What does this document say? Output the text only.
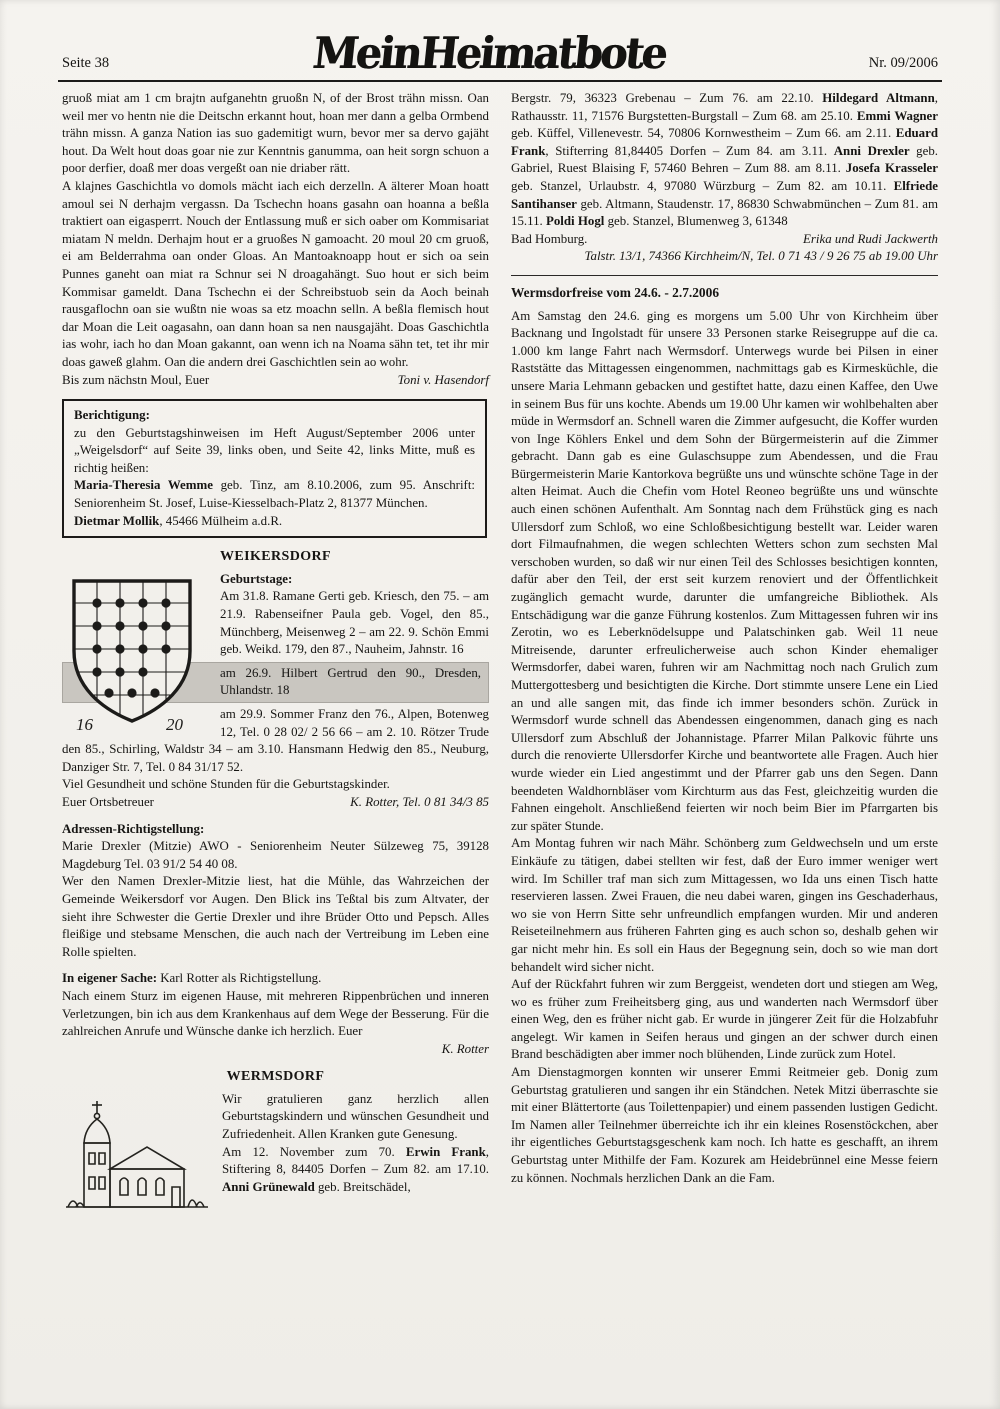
Seite 38	MeinHeimatbote	Nr. 09/2006

gruoß miat am 1 cm brajtn aufganehtn gruoßn N, of der Brost trähn missn. Oan weil mer vo hentn nie die Deitschn erkannt hout, hoan mer dann a gelba Ormbend trähn missn. A ganza Nation ias suo gademitigt wurn, bevor mer sa dervo gajäht hout. Da Welt hout doas goar nie zur Kenntnis ganumma, oan heit sorgn schuon a poor derfier, doaß mer doas vergeßt oan nie driaber rätt.

A klajnes Gaschichtla vo domols mächt iach eich derzelln. A älterer Moan hoatt amoul sei N derhajm vergassn. Da Tschechn hoans gasahn oan hoanna a beßla traktiert oan eigasperrt. Nouch der Entlassung muß er sich oaber om Kommisariat miatam N meldn. Derhajm hout er a gruoßes N gamoacht. 20 moul 20 cm gruoß, ei am Belderrahma oan onder Gloas. An Mantoaknoapp hout er sich oa sein Punnes ganeht oan miat ra Schnur sei N droagahängt. Suo hout er sich beim Kommisar gameldt. Dana Tschechn ei der Schreibstuob sein da Aoch beinah rausgaflochn oan sie wußtn nie woas sa etz moachn selln. A beßla flemisch hout dar Moan die Leit oagasahn, oan dann hoan sa nen nausgajäht. Doas Gaschichtla ias wohr, iach ho dan Moan gakannt, oan wenn ich na Noama sähn tet, tet ihr mir doas gaweß glahm. Oan die andern drei Gaschichtlen sein ao wohr.

Bis zum nächstn Moul, Euer	Toni v. Hasendorf
Berichtigung:

zu den Geburtstagshinweisen im Heft August/September 2006 unter „Weigelsdorf“ auf Seite 39, links oben, und Seite 42, links Mitte, muß es richtig heißen:

Maria-Theresia Wemme geb. Tinz, am 8.10.2006, zum 95. Anschrift: Seniorenheim St. Josef, Luise-Kiesselbach-Platz 2, 81377 München.

Dietmar Mollik, 45466 Mülheim a.d.R.

WEIKERSDORF
16	20
Geburtstage:

Am 31.8. Ramane Gerti geb. Kriesch, den 75. – am 21.9. Rabenseifner Paula geb. Vogel, den 85., Münchberg, Meisenweg 2 – am 22. 9. Schön Emmi geb. Weikd. 179, den 87., Nauheim, Jahnstr. 16

am 26.9. Hilbert Gertrud den 90., Dresden, Uhlandstr. 18

am 29.9. Sommer Franz den 76., Alpen, Botenweg 12, Tel. 0 28 02/ 2 56 66 – am 2. 10. Rötzer Trude den 85., Schirling, Waldstr 34 – am 3.10. Hansmann Hedwig den 85., Neuburg, Danziger Str. 7, Tel. 0 84 31/17 52.

Viel Gesundheit und schöne Stunden für die Geburtstagskinder.

Euer Ortsbetreuer	K. Rotter, Tel. 0 81 34/3 85
Adressen-Richtigstellung:

Marie Drexler (Mitzie) AWO - Seniorenheim Neuter Sülzeweg 75, 39128 Magdeburg Tel. 03 91/2 54 40 08.

Wer den Namen Drexler-Mitzie liest, hat die Mühle, das Wahrzeichen der Gemeinde Weikersdorf vor Augen. Den Blick ins Teßtal bis zum Altvater, der sieht ihre Schwester die Gertie Drexler und ihre Brüder Otto und Pepsch. Alles fleißige und stebsame Menschen, die auch nach der Vertreibung im Leben eine Rolle spielten.

In eigener Sache: Karl Rotter als Richtigstellung.

Nach einem Sturz im eigenen Hause, mit mehreren Rippenbrüchen und inneren Verletzungen, bin ich aus dem Krankenhaus auf dem Wege der Besserung. Für die zahlreichen Anrufe und Wünsche danke ich herzlich. Euer

K. Rotter
WERMSDORF

Wir gratulieren ganz herzlich allen Geburtstagskindern und wünschen Gesundheit und Zufriedenheit. Allen Kranken gute Genesung.

Am 12. November zum 70. Erwin Frank, Stiftering 8, 84405 Dorfen – Zum 82. am 17.10. Anni Grünewald geb. Breitschädel,

Bergstr. 79, 36323 Grebenau – Zum 76. am 22.10. Hildegard Altmann, Rathausstr. 11, 71576 Burgstetten-Burgstall – Zum 68. am 25.10. Emmi Wagner geb. Küffel, Villenevestr. 54, 70806 Kornwestheim – Zum 66. am 2.11. Eduard Frank, Stifterring 81,84405 Dorfen – Zum 84. am 3.11. Anni Drexler geb. Gabriel, Ruest Blaising F, 57460 Behren – Zum 88. am 8.11. Josefa Krasseler geb. Stanzel, Urlaubstr. 4, 97080 Würzburg – Zum 82. am 10.11. Elfriede Santihanser geb. Altmann, Staudenstr. 17, 86830 Schwabmünchen – Zum 81. am 15.11. Poldi Hogl geb. Stanzel, Blumenweg 3, 61348

Bad Homburg.	Erika und Rudi Jackwerth
Talstr. 13/1, 74366 Kirchheim/N, Tel. 0 71 43 / 9 26 75 ab 19.00 Uhr
Wermsdorfreise vom 24.6. - 2.7.2006

Am Samstag den 24.6. ging es morgens um 5.00 Uhr von Kirchheim über Backnang und Ingolstadt für unsere 33 Personen starke Reisegruppe auf die ca. 1.000 km lange Fahrt nach Wermsdorf. Unterwegs wurde bei Pilsen in einer Raststätte das Mittagessen eingenommen, nachmittags gab es Kirmesküchle, die unsere Maria Lehmann gebacken und gestiftet hatte, dazu einen Kaffee, den Uwe in seinem Bus für uns kochte. Abends um 19.00 Uhr kamen wir wohlbehalten aber müde in Wermsdorf an. Schnell waren die Zimmer aufgesucht, die Koffer wurden von Inge Köhlers Enkel und dem Sohn der Bürgermeisterin auf die Zimmer gebracht. Dann gab es eine Gulaschsuppe zum Abendessen, und die Frau Bürgermeisterin Marie Kantorkova begrüßte uns und wünschte schöne Tage in der alten Heimat. Auch die Chefin vom Hotel Reoneo begrüßte uns und wünschte auch einen schönen Aufenthalt. Am Sonntag nach dem Frühstück ging es nach Ullersdorf zum Schloß, wo eine Schloßbesichtigung bestellt war. Leider waren dort Filmaufnahmen, die wegen schlechten Wetters schon zum sechsten Mal verschoben wurden, so daß wir nur einen Teil des Schlosses besichtigen konnten, dafür aber den Teil, der erst seit kurzem renoviert und der Öffentlichkeit zugänglich gemacht wurde, darunter die umfangreiche Bibliothek. Als Entschädigung war die ganze Führung kostenlos. Zum Mittagessen fuhren wir ins Zerotin, wo es Leberknödelsuppe und Palatschinken gab. Weil 11 neue Mitreisende, darunter erfreulicherweise auch schon Kinder ehemaliger Wermsdorfer, dabei waren, fuhren wir am Nachmittag noch nach Grulich zum Muttergottesberg und besichtigten die Kirche. Dort stimmte unsere Lene ein Lied an und alle sangen mit, das finde ich immer besonders schön. Zurück in Wermsdorf wurde schnell das Abendessen eingenommen, danach ging es nach Ullersdorf zum Abschluß der Johannistage. Pfarrer Milan Palkovic führte uns durch die renovierte Ullersdorfer Kirche und beantwortete alle Fragen. Auch hier wurde wieder ein Lied angestimmt und der Pfarrer gab uns den Segen. Dann beendeten Waldhornbläser vom Kirchturm aus das Fest, gleichzeitig wurden die Fahnen eingeholt. Anschließend feierten wir noch beim Bier im Pfarrgarten bis zur später Stunde.

Am Montag fuhren wir nach Mähr. Schönberg zum Geldwechseln und um erste Einkäufe zu tätigen, dabei stellten wir fest, daß der Euro immer weniger wert wird. Im Schiller traf man sich zum Mittagessen, wo Ida uns einen Tisch hatte reservieren lassen. Zwei Frauen, die neu dabei waren, gingen ins Geschaderhaus, wo sie von Herrn Sitte sehr unfreundlich empfangen wurden. Mir und anderen Reiseteilnehmern aus früheren Fahrten ging es auch schon so, deshalb gehen wir gar nicht mehr hin. Es soll ein Haus der Begegnung sein, doch so wie man dort behandelt wird sicher nicht.

Auf der Rückfahrt fuhren wir zum Berggeist, wendeten dort und stiegen am Weg, wo es früher zum Freiheitsberg ging, aus und wanderten nach Wermsdorf über einen Weg, den es früher nicht gab. Er wurde in jüngerer Zeit für die Holzabfuhr angelegt. Wir kamen in Seifen heraus und gingen an der schwer durch einen Brand beschädigten aber immer noch blühenden, Linde zurück zum Hotel.

Am Dienstagmorgen konnten wir unserer Emmi Reitmeier geb. Donig zum Geburtstag gratulieren und sangen ihr ein Ständchen. Netek Mitzi überraschte sie mit einer Blättertorte (aus Toilettenpapier) und einem passenden lustigen Gedicht. Im Namen aller Teilnehmer überreichte ich ihr ein kleines Rosenstöckchen, aber ihr eigentliches Geburtstagsgeschenk kam noch. Ich hatte es geschafft, an ihrem Geburtstag unter Mithilfe der Fam. Kozurek am Heidebrünnel eine Messe feiern zu können. Nochmals herzlichen Dank an die Fam.
